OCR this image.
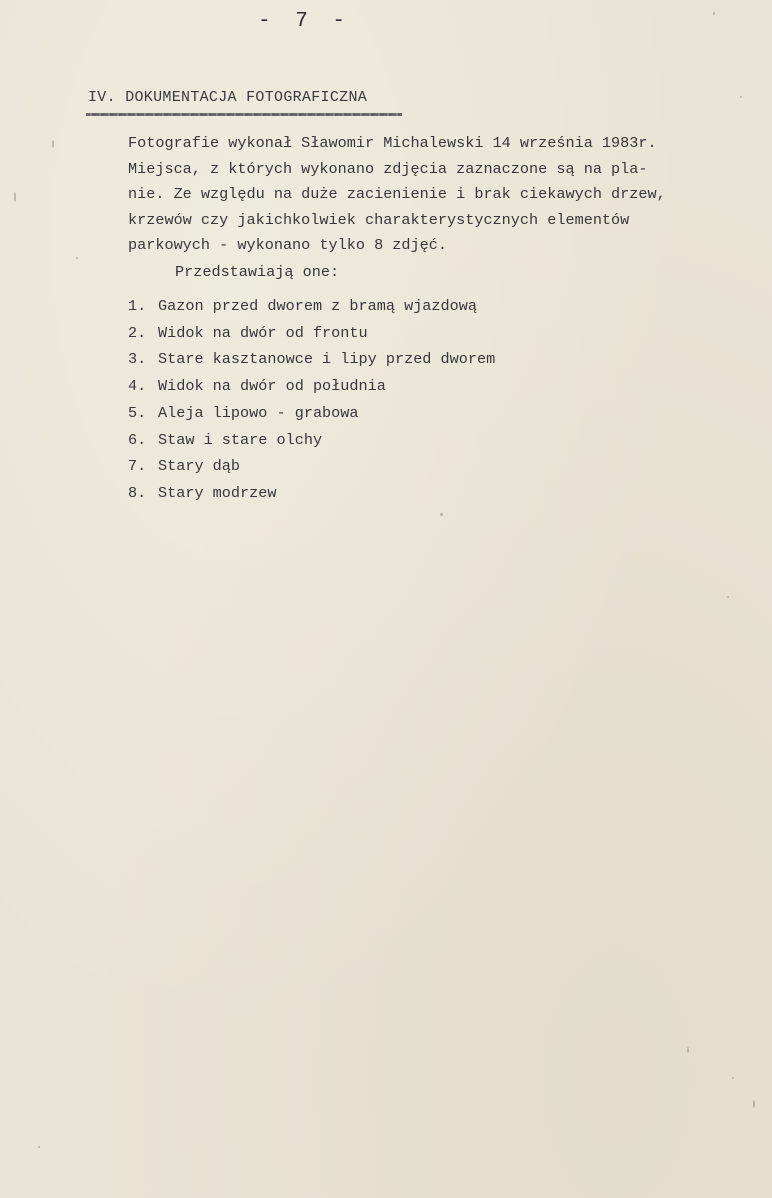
- 7 -
IV. DOKUMENTACJA FOTOGRAFICZNA
Fotografie wykonał Sławomir Michalewski 14 września 1983r.
Miejsca, z których wykonano zdjęcia zaznaczone są na pla-
nie. Ze względu na duże zacienienie i brak ciekawych drzew,
krzewów czy jakichkolwiek charakterystycznych elementów
parkowych - wykonano tylko 8 zdjęć.
Przedstawiają one:
1. Gazon przed dworem z bramą wjazdową
2. Widok na dwór od frontu
3. Stare kasztanowce i lipy przed dworem
4. Widok na dwór od południa
5. Aleja lipowo - grabowa
6. Staw i stare olchy
7. Stary dąb
8. Stary modrzew
